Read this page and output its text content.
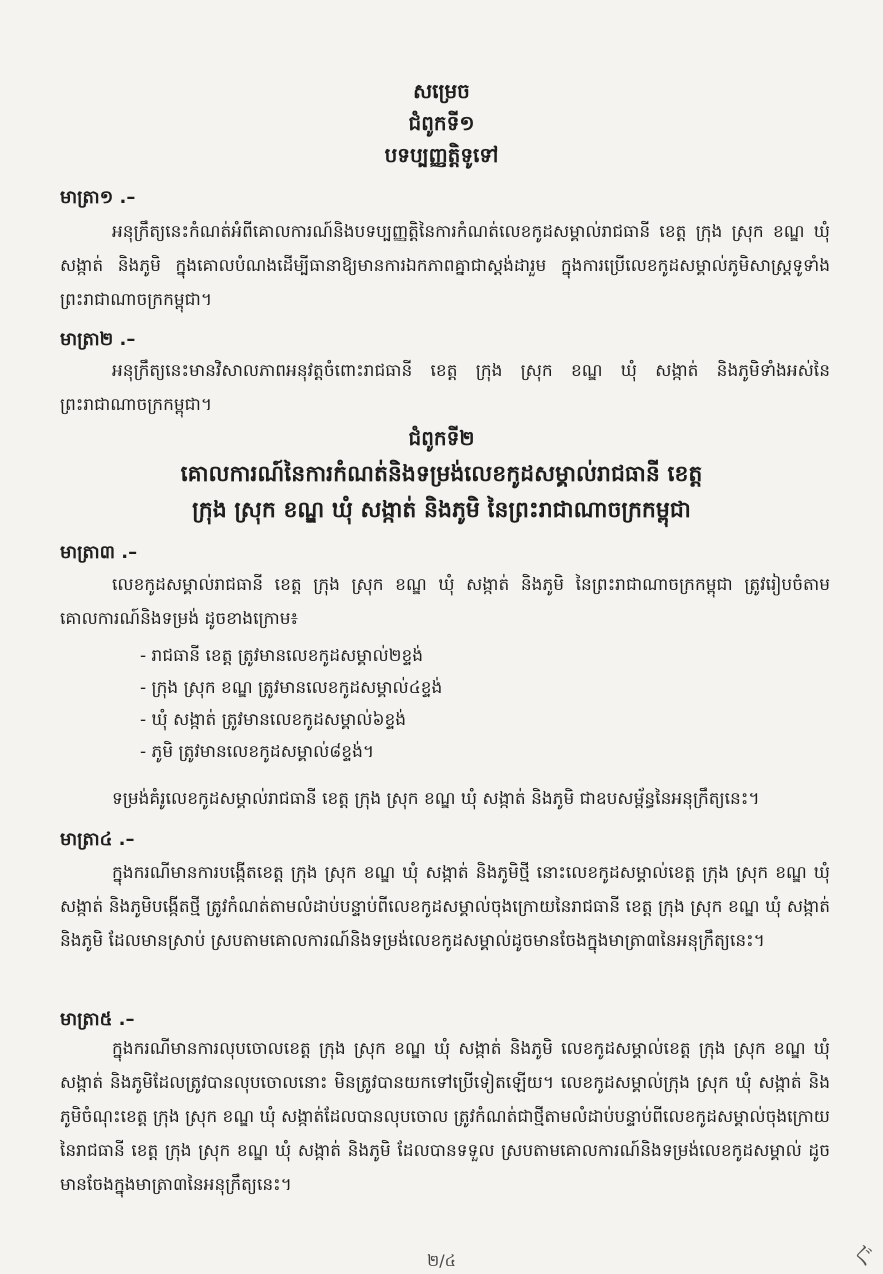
សម្រេច

ជំពូកទី១

បទប្បញ្ញត្តិទូទៅ

មាត្រា១ .–

អនុក្រឹត្យនេះកំណត់អំពីគោលការណ៍និងបទប្បញ្ញត្តិនៃការកំណត់លេខកូដសម្គាល់រាជធានី ខេត្ត ក្រុង ស្រុក ខណ្ឌ ឃុំ សង្កាត់ និងភូមិ ក្នុងគោលបំណងដើម្បីធានាឱ្យមានការឯកភាពគ្នាជាស្តង់ដារួម ក្នុងការប្រើលេខកូដសម្គាល់ភូមិសាស្ត្រទូទាំងព្រះរាជាណាចក្រកម្ពុជា។

មាត្រា២ .–

អនុក្រឹត្យនេះមានវិសាលភាពអនុវត្តចំពោះរាជធានី ខេត្ត ក្រុង ស្រុក ខណ្ឌ ឃុំ សង្កាត់ និងភូមិទាំងអស់នៃព្រះរាជាណាចក្រកម្ពុជា។

ជំពូកទី២

គោលការណ៍នៃការកំណត់និងទម្រង់លេខកូដសម្គាល់រាជធានី ខេត្ត

ក្រុង ស្រុក ខណ្ឌ ឃុំ សង្កាត់ និងភូមិ នៃព្រះរាជាណាចក្រកម្ពុជា

មាត្រា៣ .–

លេខកូដសម្គាល់រាជធានី ខេត្ត ក្រុង ស្រុក ខណ្ឌ ឃុំ សង្កាត់ និងភូមិ នៃព្រះរាជាណាចក្រកម្ពុជា ត្រូវរៀបចំតាមគោលការណ៍និងទម្រង់ ដូចខាងក្រោម៖

- រាជធានី ខេត្ត ត្រូវមានលេខកូដសម្គាល់២ខ្ទង់

- ក្រុង ស្រុក ខណ្ឌ ត្រូវមានលេខកូដសម្គាល់៤ខ្ទង់

- ឃុំ សង្កាត់ ត្រូវមានលេខកូដសម្គាល់៦ខ្ទង់

- ភូមិ ត្រូវមានលេខកូដសម្គាល់៨ខ្ទង់។

ទម្រង់គំរូលេខកូដសម្គាល់រាជធានី ខេត្ត ក្រុង ស្រុក ខណ្ឌ ឃុំ សង្កាត់ និងភូមិ ជាឧបសម្ព័ន្ធនៃអនុក្រឹត្យនេះ។

មាត្រា៤ .–

ក្នុងករណីមានការបង្កើតខេត្ត ក្រុង ស្រុក ខណ្ឌ ឃុំ សង្កាត់ និងភូមិថ្មី នោះលេខកូដសម្គាល់ខេត្ត ក្រុង ស្រុក ខណ្ឌ ឃុំ សង្កាត់ និងភូមិបង្កើតថ្មី ត្រូវកំណត់តាមលំដាប់បន្ទាប់ពីលេខកូដសម្គាល់ចុងក្រោយនៃរាជធានី ខេត្ត ក្រុង ស្រុក ខណ្ឌ ឃុំ សង្កាត់ និងភូមិ ដែលមានស្រាប់ ស្របតាមគោលការណ៍និងទម្រង់លេខកូដសម្គាល់ដូចមានចែងក្នុងមាត្រា៣នៃអនុក្រឹត្យនេះ។

មាត្រា៥ .–

ក្នុងករណីមានការលុបចោលខេត្ត ក្រុង ស្រុក ខណ្ឌ ឃុំ សង្កាត់ និងភូមិ លេខកូដសម្គាល់ខេត្ត ក្រុង ស្រុក ខណ្ឌ ឃុំ សង្កាត់ និងភូមិដែលត្រូវបានលុបចោលនោះ មិនត្រូវបានយកទៅប្រើទៀតឡើយ។ លេខកូដសម្គាល់ក្រុង ស្រុក ឃុំ សង្កាត់ និងភូមិចំណុះខេត្ត ក្រុង ស្រុក ខណ្ឌ ឃុំ សង្កាត់ដែលបានលុបចោល ត្រូវកំណត់ជាថ្មីតាមលំដាប់បន្ទាប់ពីលេខកូដសម្គាល់ចុងក្រោយនៃរាជធានី ខេត្ត ក្រុង ស្រុក ខណ្ឌ ឃុំ សង្កាត់ និងភូមិ ដែលបានទទួល ស្របតាមគោលការណ៍និងទម្រង់លេខកូដសម្គាល់ ដូចមានចែងក្នុងមាត្រា៣នៃអនុក្រឹត្យនេះ។

២/៤	ぐ
